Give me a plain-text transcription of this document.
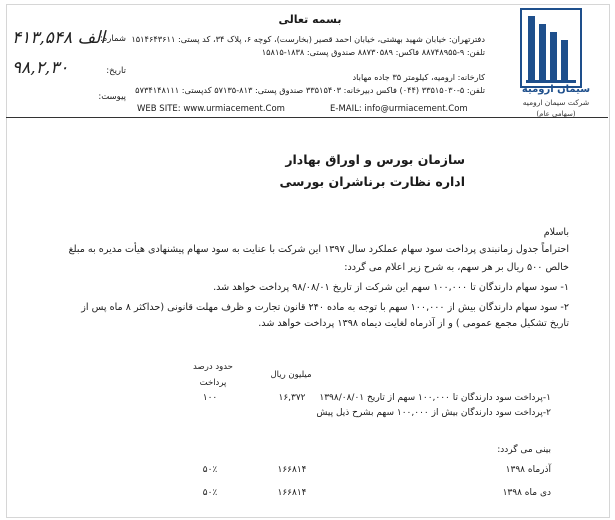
بسمه تعالی
دفترتهران: خیابان شهید بهشتی، خیابان احمد قصیر (بخارست)، کوچه ۶، پلاک ۳۴، کد پستی: ۱۵۱۴۶۴۳۶۱۱
تلفن: ۹-۸۸۷۴۸۹۵۵ فاکس: ۸۸۷۳۰۵۸۹ صندوق پستی: ۱۸۳۸-۱۵۸۱۵
کارخانه: ارومیه، کیلومتر ۳۵ جاده مهاباد
تلفن: ۵-۳۳۵۱۵۰۳۰ (۰۴۴) فاکس دبیرخانه: ۳۳۵۱۵۴۰۳ صندوق پستی: ۸۱۳-۵۷۱۳۵ کدپستی: ۵۷۳۴۱۴۸۱۱۱
WEB SITE: www.urmiacement.Com	E-MAIL: info@urmiacement.Com
سیمان ارومیه
شرکت سیمان ارومیه
(سهامی عام)
شماره:
الف ۴۱۳,۵۴۸
تاریخ:
۹۸,۲,۳۰
پیوست:
سازمان بورس و اوراق بهادار
اداره نظارت برناشران بورسی
باسلام
احتراماً جدول زمانبندی پرداخت سود سهام عملکرد سال ۱۳۹۷ این شرکت با عنایت به سود سهام پیشنهادی هیأت مدیره به مبلغ
خالص ۵۰۰ ریال بر هر سهم، به شرح زیر اعلام می گردد:
۱- سود سهام دارندگان تا ۱۰۰,۰۰۰ سهم این شرکت از تاریخ ۹۸/۰۸/۰۱ پرداخت خواهد شد.
۲- سود سهام دارندگان بیش از ۱۰۰,۰۰۰ سهم با توجه به ماده ۲۴۰ قانون تجارت و ظرف مهلت قانونی (حداکثر ۸ ماه پس از
تاریخ تشکیل مجمع عمومی ) و از آذرماه لغایت دیماه ۱۳۹۸ پرداخت خواهد شد.
میلیون ریال
حدود درصد
پرداخت
۱-پرداخت سود دارندگان تا ۱۰۰,۰۰۰ سهم از تاریخ ۱۳۹۸/۰۸/۰۱
۱۶,۳۷۲
۱۰۰
۲-پرداخت سود دارندگان بیش از ۱۰۰,۰۰۰ سهم بشرح ذیل پیش
بینی می گردد:
آذرماه ۱۳۹۸
۱۶۶۸۱۴
۵۰٪
دی ماه ۱۳۹۸
۱۶۶۸۱۴
۵۰٪
